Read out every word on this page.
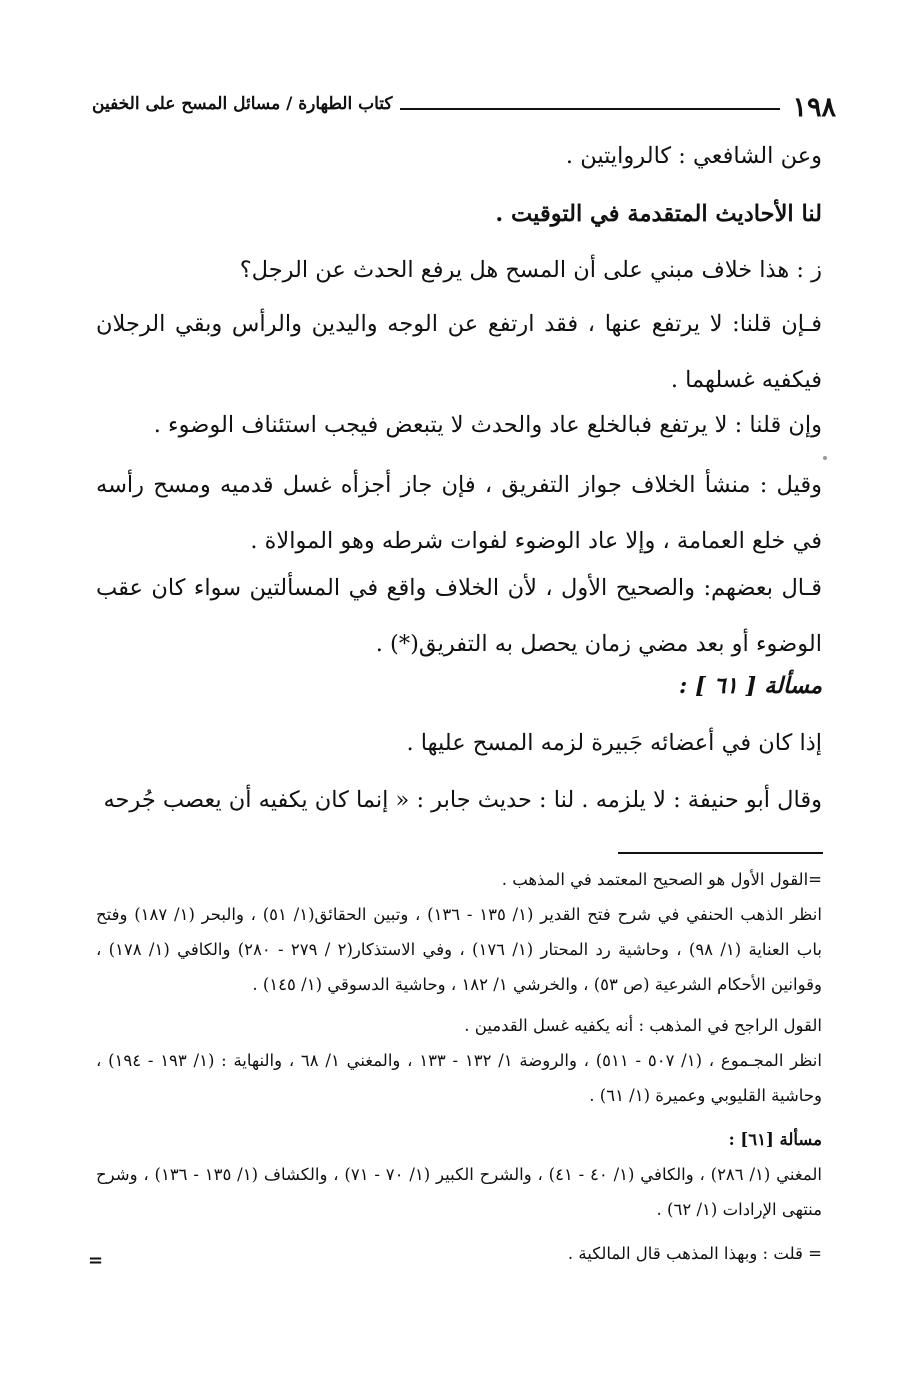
١٩٨
كتاب الطهارة / مسائل المسح على الخفين
وعن الشافعي : كالروايتين .
لنا الأحاديث المتقدمة في التوقيت .
ز : هذا خلاف مبني على أن المسح هل يرفع الحدث عن الرجل؟
فـإن قلنا: لا يرتفع عنها ، فقد ارتفع عن الوجه واليدين والرأس وبقي الرجلان فيكفيه غسلهما .
وإن قلنا : لا يرتفع فبالخلع عاد والحدث لا يتبعض فيجب استئناف الوضوء .
وقيل : منشأ الخلاف جواز التفريق ، فإن جاز أجزأه غسل قدميه ومسح رأسه في خلع العمامة ، وإلا عاد الوضوء لفوات شرطه وهو الموالاة .
قـال بعضهم: والصحيح الأول ، لأن الخلاف واقع في المسألتين سواء كان عقب الوضوء أو بعد مضي زمان يحصل به التفريق(*) .
مسألة [ ٦١ ] :
إذا كان في أعضائه جَبيرة لزمه المسح عليها .
وقال أبو حنيفة : لا يلزمه . لنا : حديث جابر : « إنما كان يكفيه أن يعصب جُرحه
=القول الأول هو الصحيح المعتمد في المذهب .
انظر الذهب الحنفي في شرح فتح القدير (١/ ١٣٥ - ١٣٦) ، وتبين الحقائق(١/ ٥١) ، والبحر (١/ ١٨٧) وفتح باب العناية (١/ ٩٨) ، وحاشية رد المحتار (١/ ١٧٦) ، وفي الاستذكار(٢ / ٢٧٩ - ٢٨٠) والكافي (١/ ١٧٨) ، وقوانين الأحكام الشرعية (ص ٥٣) ، والخرشي ١/ ١٨٢ ، وحاشية الدسوقي (١/ ١٤٥) .
القول الراجح في المذهب : أنه يكفيه غسل القدمين .
انظر المجـموع ، (١/ ٥٠٧ - ٥١١) ، والروضة ١/ ١٣٢ - ١٣٣ ، والمغني ١/ ٦٨ ، والنهاية : (١/ ١٩٣ - ١٩٤) ، وحاشية القليوبي وعميرة (١/ ٦١) .
مسألة [٦١] :
المغني (١/ ٢٨٦) ، والكافي (١/ ٤٠ - ٤١) ، والشرح الكبير (١/ ٧٠ - ٧١) ، والكشاف (١/ ١٣٥ - ١٣٦) ، وشرح منتهى الإرادات (١/ ٦٢) .
= قلت : وبهذا المذهب قال المالكية .
=
